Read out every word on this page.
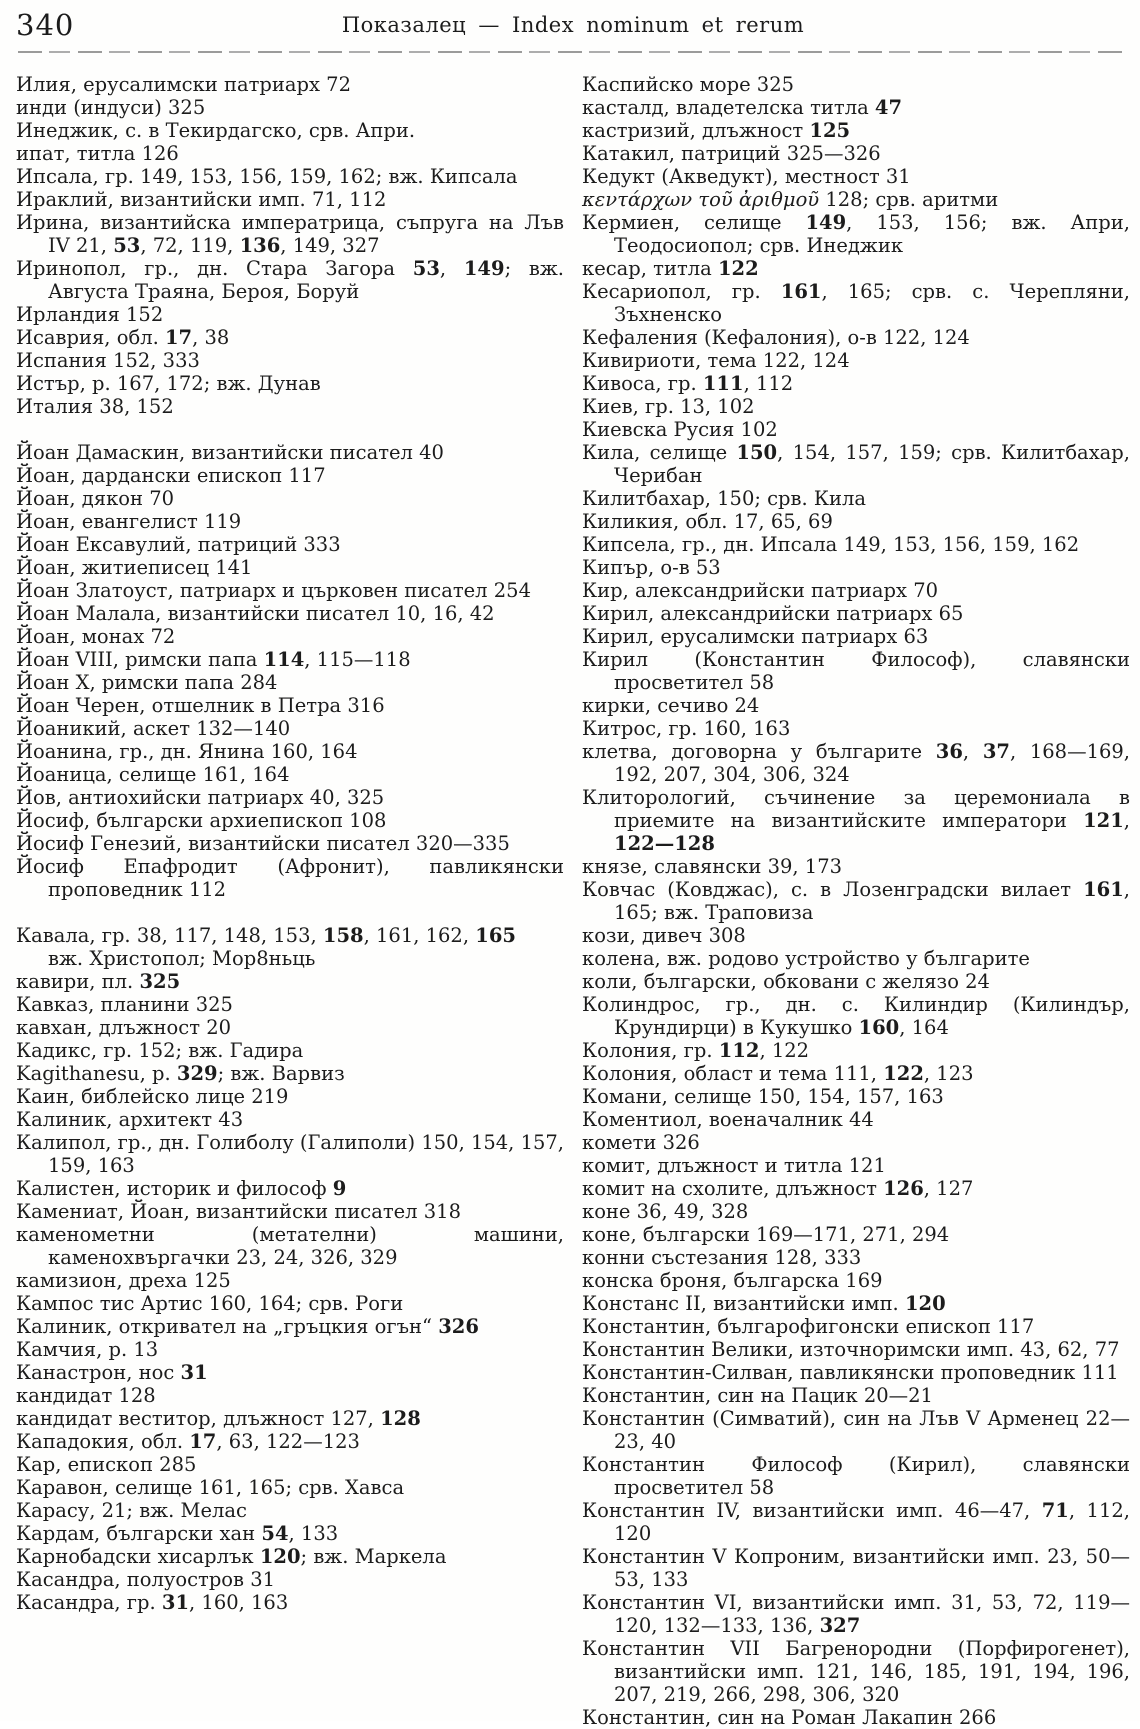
340	Показалец — Index nominum et rerum

Илия, ерусалимски патриарх 72

инди (индуси) 325

Инеджик, с. в Текирдагско, срв. Апри.

ипат, титла 126

Ипсала, гр. 149, 153, 156, 159, 162; вж. Кипсала

Ираклий, византийски имп. 71, 112

Ирина, византийска императрица, съпруга на Лъв IV 21, 53, 72, 119, 136, 149, 327

Иринопол, гр., дн. Стара Загора 53, 149; вж. Августа Траяна, Бероя, Боруй

Ирландия 152

Исаврия, обл. 17, 38

Испания 152, 333

Истър, р. 167, 172; вж. Дунав

Италия 38, 152

Йоан Дамаскин, византийски писател 40

Йоан, дардански епископ 117

Йоан, дякон 70

Йоан, евангелист 119

Йоан Ексавулий, патриций 333

Йоан, житиеписец 141

Йоан Златоуст, патриарх и църковен писател 254

Йоан Малала, византийски писател 10, 16, 42

Йоан, монах 72

Йоан VIII, римски папа 114, 115—118

Йоан X, римски папа 284

Йоан Черен, отшелник в Петра 316

Йоаникий, аскет 132—140

Йоанина, гр., дн. Янина 160, 164

Йоаница, селище 161, 164

Йов, антиохийски патриарх 40, 325

Йосиф, български архиепископ 108

Йосиф Генезий, византийски писател 320—335

Йосиф Епафродит (Афронит), павликянски проповедник 112

Кавала, гр. 38, 117, 148, 153, 158, 161, 162, 165
вж. Христопол; Мор8ньць

кавири, пл. 325

Кавказ, планини 325

кавхан, длъжност 20

Кадикс, гр. 152; вж. Гадира

Kagithanesu, р. 329; вж. Варвиз

Каин, библейско лице 219

Калиник, архитект 43

Калипол, гр., дн. Голиболу (Галиполи) 150, 154, 157, 159, 163

Калистен, историк и философ 9

Камениат, Йоан, византийски писател 318

каменометни (метателни) машини, каменохвъргачки 23, 24, 326, 329

камизион, дреха 125

Кампос тис Артис 160, 164; срв. Роги

Калиник, откривател на „гръцкия огън“ 326

Камчия, р. 13

Канастрон, нос 31

кандидат 128

кандидат веститор, длъжност 127, 128

Кападокия, обл. 17, 63, 122—123

Кар, епископ 285

Каравон, селище 161, 165; срв. Хавса

Карасу, 21; вж. Мелас

Кардам, български хан 54, 133

Карнобадски хисарлък 120; вж. Маркела

Касандра, полуостров 31

Касандра, гр. 31, 160, 163

Каспийско море 325

касталд, владетелска титла 47

кастризий, длъжност 125

Катакил, патриций 325—326

Кедукт (Акведукт), местност 31

κεντάρχων τοῦ ἀριθμοῦ 128; срв. аритми

Кермиен, селище 149, 153, 156; вж. Апри, Теодосиопол; срв. Инеджик

кесар, титла 122

Кесариопол, гр. 161, 165; срв. с. Черепляни, Зъхненско

Кефаления (Кефалония), о-в 122, 124

Кивириоти, тема 122, 124

Кивоса, гр. 111, 112

Киев, гр. 13, 102

Киевска Русия 102

Кила, селище 150, 154, 157, 159; срв. Килитбахар, Черибан

Килитбахар, 150; срв. Кила

Киликия, обл. 17, 65, 69

Кипсела, гр., дн. Ипсала 149, 153, 156, 159, 162

Кипър, о-в 53

Кир, александрийски патриарх 70

Кирил, александрийски патриарх 65

Кирил, ерусалимски патриарх 63

Кирил (Константин Философ), славянски просветител 58

кирки, сечиво 24

Китрос, гр. 160, 163

клетва, договорна у българите 36, 37, 168—169, 192, 207, 304, 306, 324

Клиторологий, съчинение за церемониала в приемите на византийските императори 121, 122—128

князе, славянски 39, 173

Ковчас (Ковджас), с. в Лозенградски вилает 161, 165; вж. Траповиза

кози, дивеч 308

колена, вж. родово устройство у българите

коли, български, обковани с желязо 24

Колиндрос, гр., дн. с. Килиндир (Килиндър, Крундирци) в Кукушко 160, 164

Колония, гр. 112, 122

Колония, област и тема 111, 122, 123

Комани, селище 150, 154, 157, 163

Коментиол, военачалник 44

комети 326

комит, длъжност и титла 121

комит на схолите, длъжност 126, 127

коне 36, 49, 328

коне, български 169—171, 271, 294

конни състезания 128, 333

конска броня, българска 169

Констанс II, византийски имп. 120

Константин, българофигонски епископ 117

Константин Велики, източноримски имп. 43, 62, 77

Константин-Силван, павликянски проповедник 111

Константин, син на Пацик 20—21

Константин (Симватий), син на Лъв V Арменец 22—23, 40

Константин Философ (Кирил), славянски просветител 58

Константин IV, византийски имп. 46—47, 71, 112, 120

Константин V Копроним, византийски имп. 23, 50—53, 133

Константин VI, византийски имп. 31, 53, 72, 119—120, 132—133, 136, 327

Константин VII Багренородни (Порфирогенет), византийски имп. 121, 146, 185, 191, 194, 196, 207, 219, 266, 298, 306, 320

Константин, син на Роман Лакапин 266
